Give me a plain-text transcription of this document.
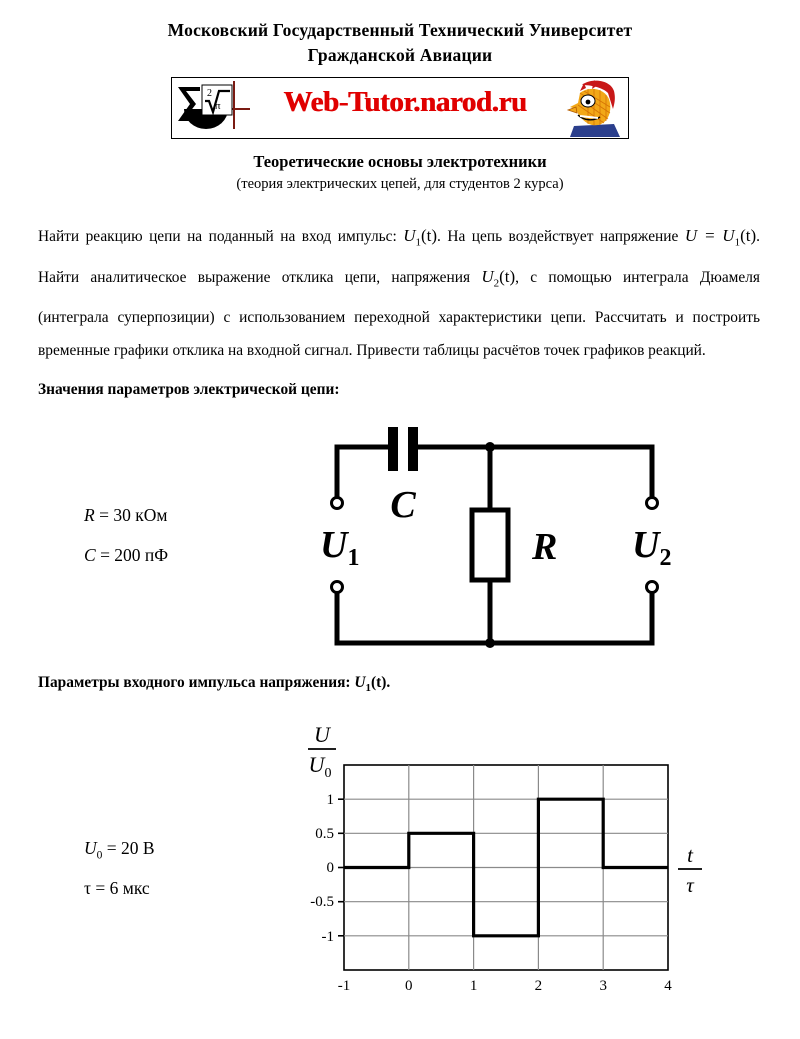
Московский Государственный Технический Университет
Гражданской Авиации
2
π	Web-Tutor.narod.ru
Теоретические основы электротехники
(теория электрических цепей, для студентов 2 курса)
Найти реакцию цепи на поданный на вход импульс: $U_1(t)$. На цепь воздействует напряжение $U = U_1(t)$. Найти аналитическое выражение отклика цепи, напряжения $U_2(t)$, с помощью интеграла Дюамеля (интеграла суперпозиции) с использованием переходной характеристики цепи. Рассчитать и построить временные графики отклика на входной сигнал. Привести таблицы расчётов точек графиков реакций.
Значения параметров электрической цепи:
R = 30 кОм
C = 200 пФ
C
R
$U_1$	$U_2$
Параметры входного импульса напряжения: $U_1(t)$.
$U_0 = 20$ В
τ = 6 мкс
1
0.5
0
-0.5
-1
-1	0	1	2	3	4
U
$U_0$
t
τ
